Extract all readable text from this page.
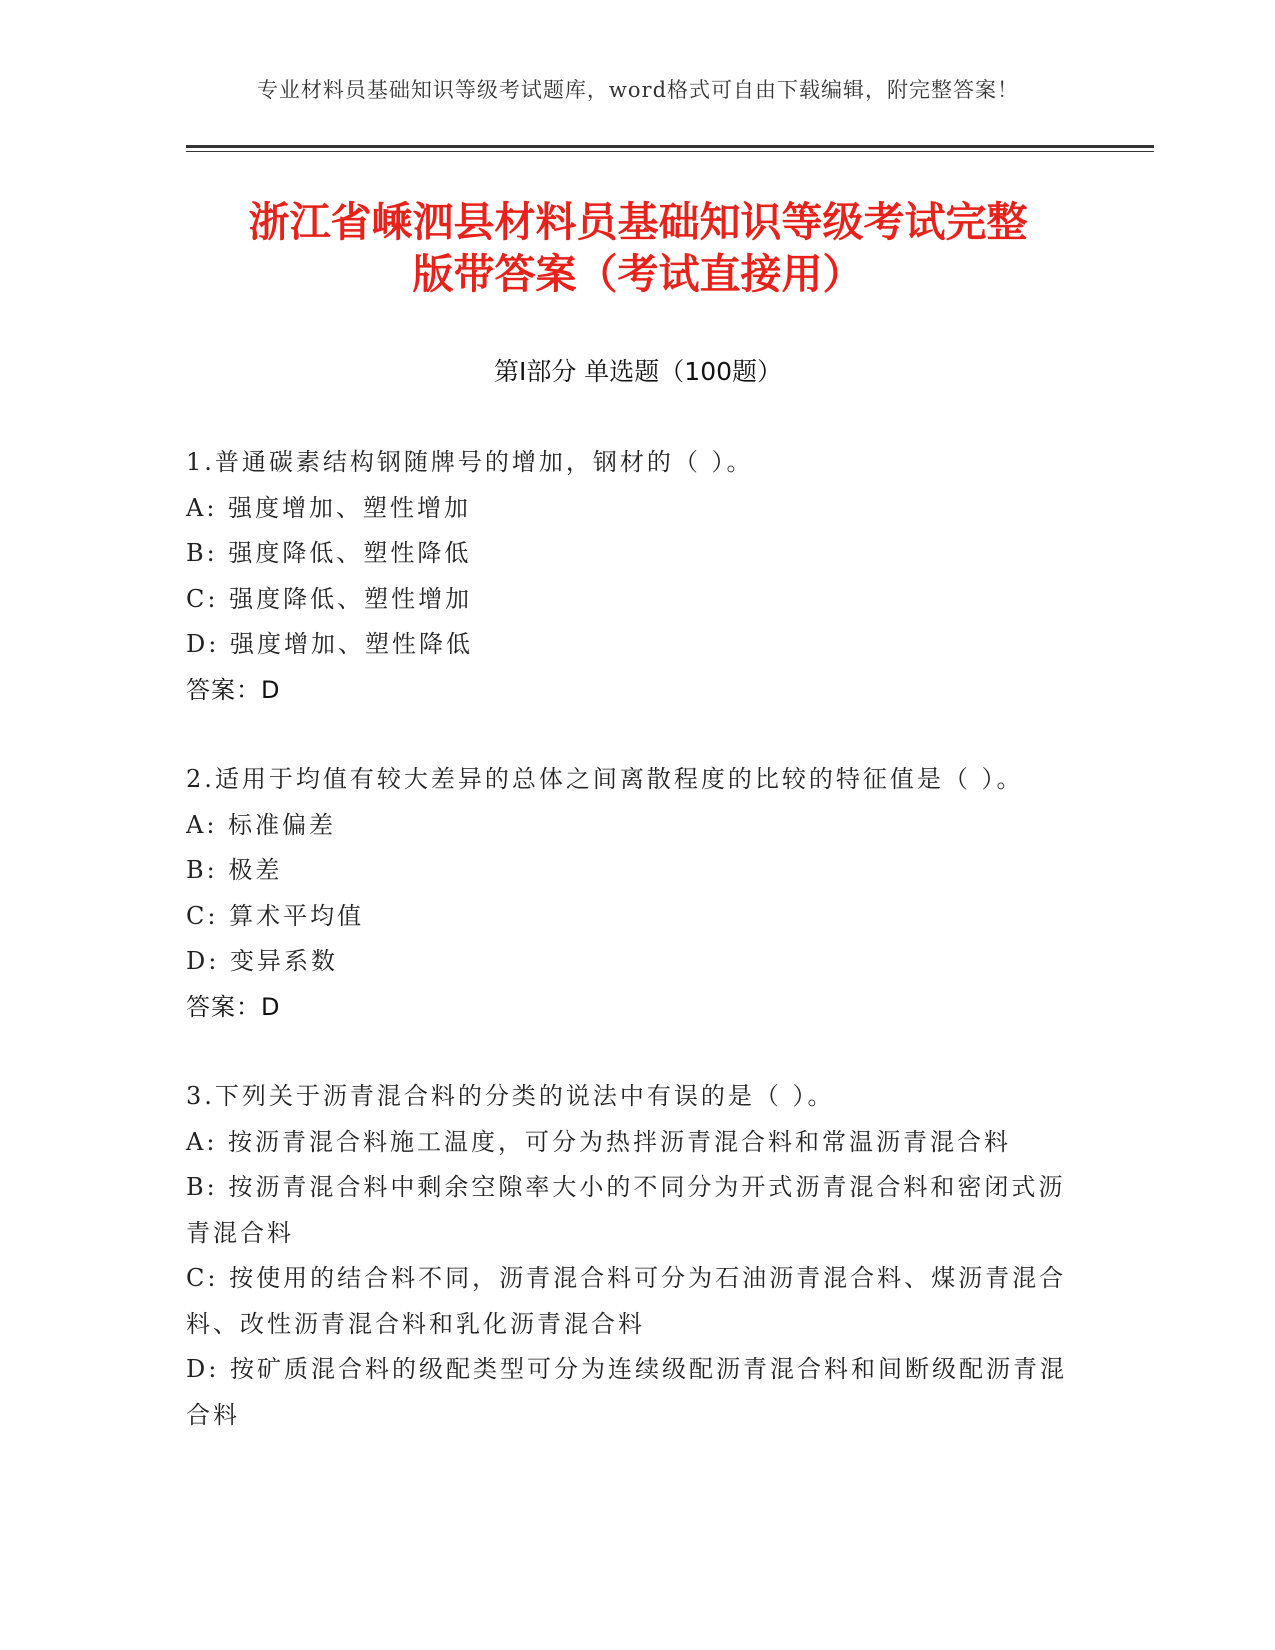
专业材料员基础知识等级考试题库，word格式可自由下载编辑，附完整答案！
浙江省嵊泗县材料员基础知识等级考试完整
版带答案（考试直接用）
第Ⅰ部分 单选题（100题）
1.普通碳素结构钢随牌号的增加，钢材的（ ）。
A: 强度增加、塑性增加
B: 强度降低、塑性降低
C: 强度降低、塑性增加
D: 强度增加、塑性降低
答案：D
2.适用于均值有较大差异的总体之间离散程度的比较的特征值是（ ）。
A: 标准偏差
B: 极差
C: 算术平均值
D: 变异系数
答案：D
3.下列关于沥青混合料的分类的说法中有误的是（ ）。
A: 按沥青混合料施工温度，可分为热拌沥青混合料和常温沥青混合料
B: 按沥青混合料中剩余空隙率大小的不同分为开式沥青混合料和密闭式沥青混合料
C: 按使用的结合料不同，沥青混合料可分为石油沥青混合料、煤沥青混合料、改性沥青混合料和乳化沥青混合料
D: 按矿质混合料的级配类型可分为连续级配沥青混合料和间断级配沥青混合料
